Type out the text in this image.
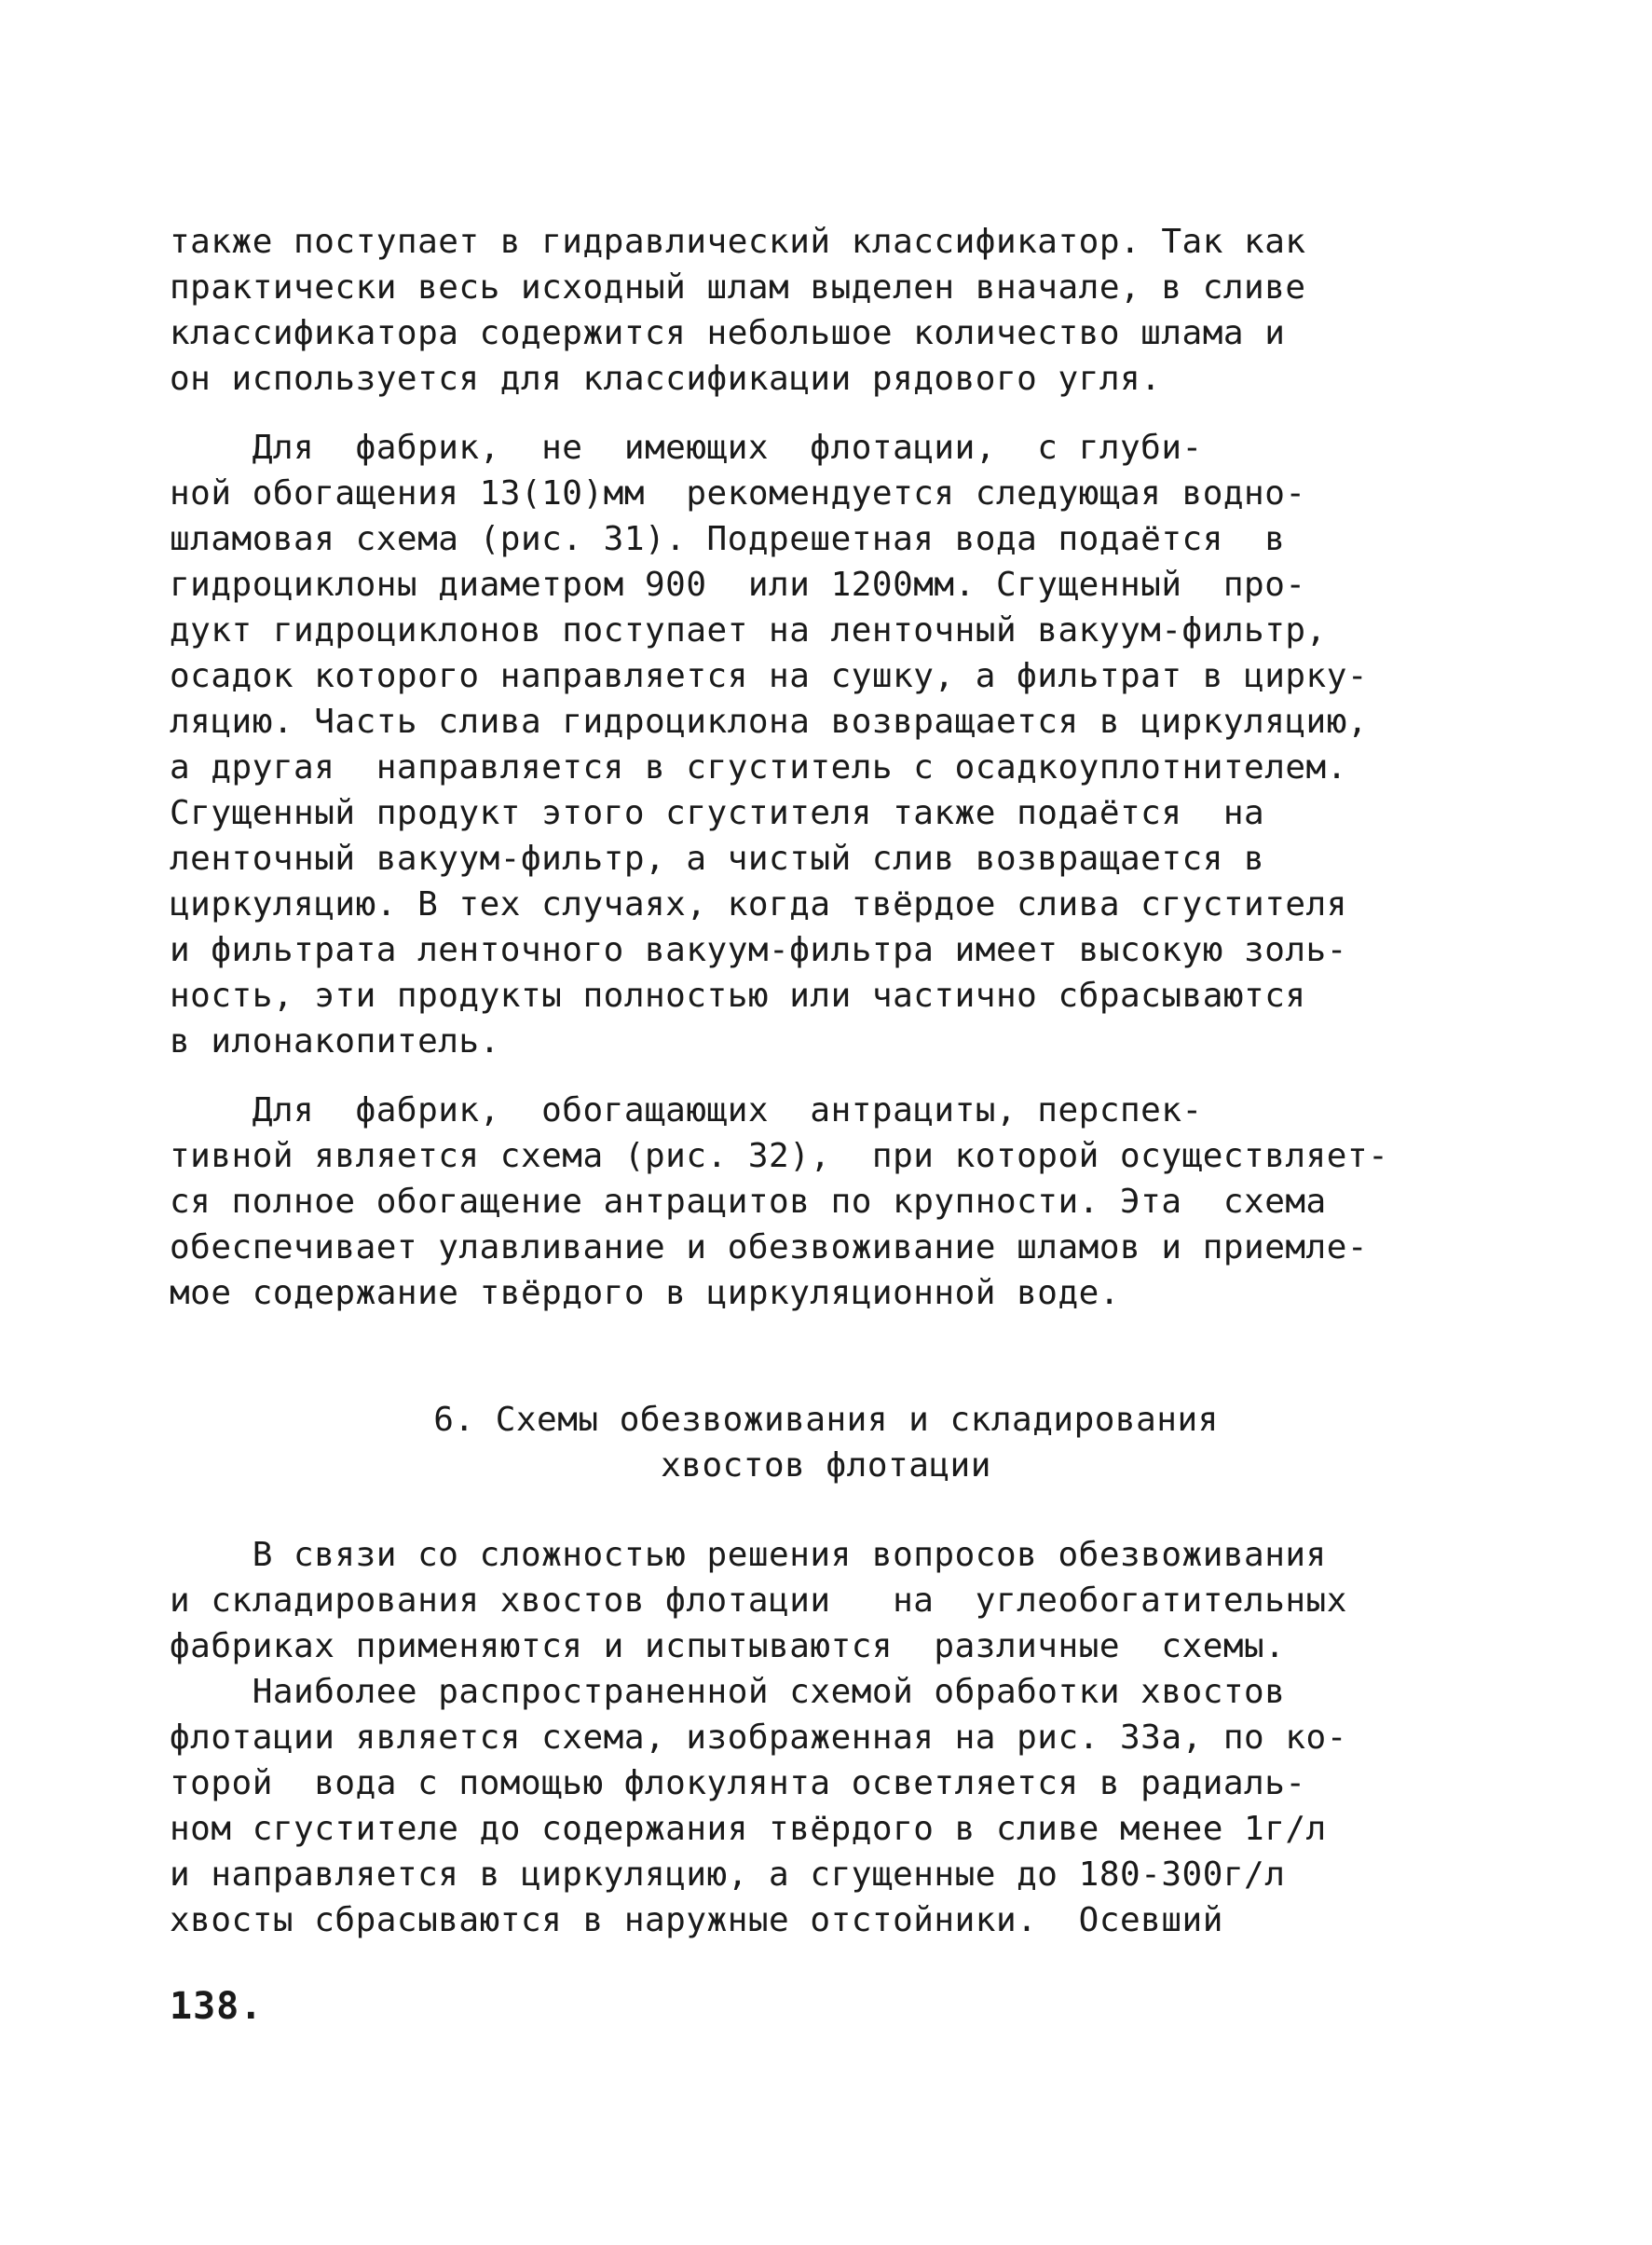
также поступает в гидравлический классификатор. Так как
практически весь исходный шлам выделен вначале, в сливе
классификатора содержится небольшое количество шлама и
он используется для классификации рядового угля.
Для  фабрик,  не  имеющих  флотации,  с глуби-
ной обогащения 13(10)мм  рекомендуется следующая водно-
шламовая схема (рис. 31). Подрешетная вода подаётся  в
гидроциклоны диаметром 900  или 1200мм. Сгущенный  про-
дукт гидроциклонов поступает на ленточный вакуум-фильтр,
осадок которого направляется на сушку, а фильтрат в цирку-
ляцию. Часть слива гидроциклона возвращается в циркуляцию,
а другая  направляется в сгуститель с осадкоуплотнителем.
Сгущенный продукт этого сгустителя также подаётся  на
ленточный вакуум-фильтр, а чистый слив возвращается в
циркуляцию. В тех случаях, когда твёрдое слива сгустителя
и фильтрата ленточного вакуум-фильтра имеет высокую золь-
ность, эти продукты полностью или частично сбрасываются
в илонакопитель.
Для  фабрик,  обогащающих  антрациты, перспек-
тивной является схема (рис. 32),  при которой осуществляет-
ся полное обогащение антрацитов по крупности. Эта  схема
обеспечивает улавливание и обезвоживание шламов и приемле-
мое содержание твёрдого в циркуляционной воде.
6. Схемы обезвоживания и складирования
хвостов флотации
В связи со сложностью решения вопросов обезвоживания
и складирования хвостов флотации   на  углеобогатительных
фабриках применяются и испытываются  различные  схемы.
Наиболее распространенной схемой обработки хвостов
флотации является схема, изображенная на рис. 33а, по ко-
торой  вода с помощью флокулянта осветляется в радиаль-
ном сгустителе до содержания твёрдого в сливе менее 1г/л
и направляется в циркуляцию, а сгущенные до 180-300г/л
хвосты сбрасываются в наружные отстойники.  Осевший
138.
